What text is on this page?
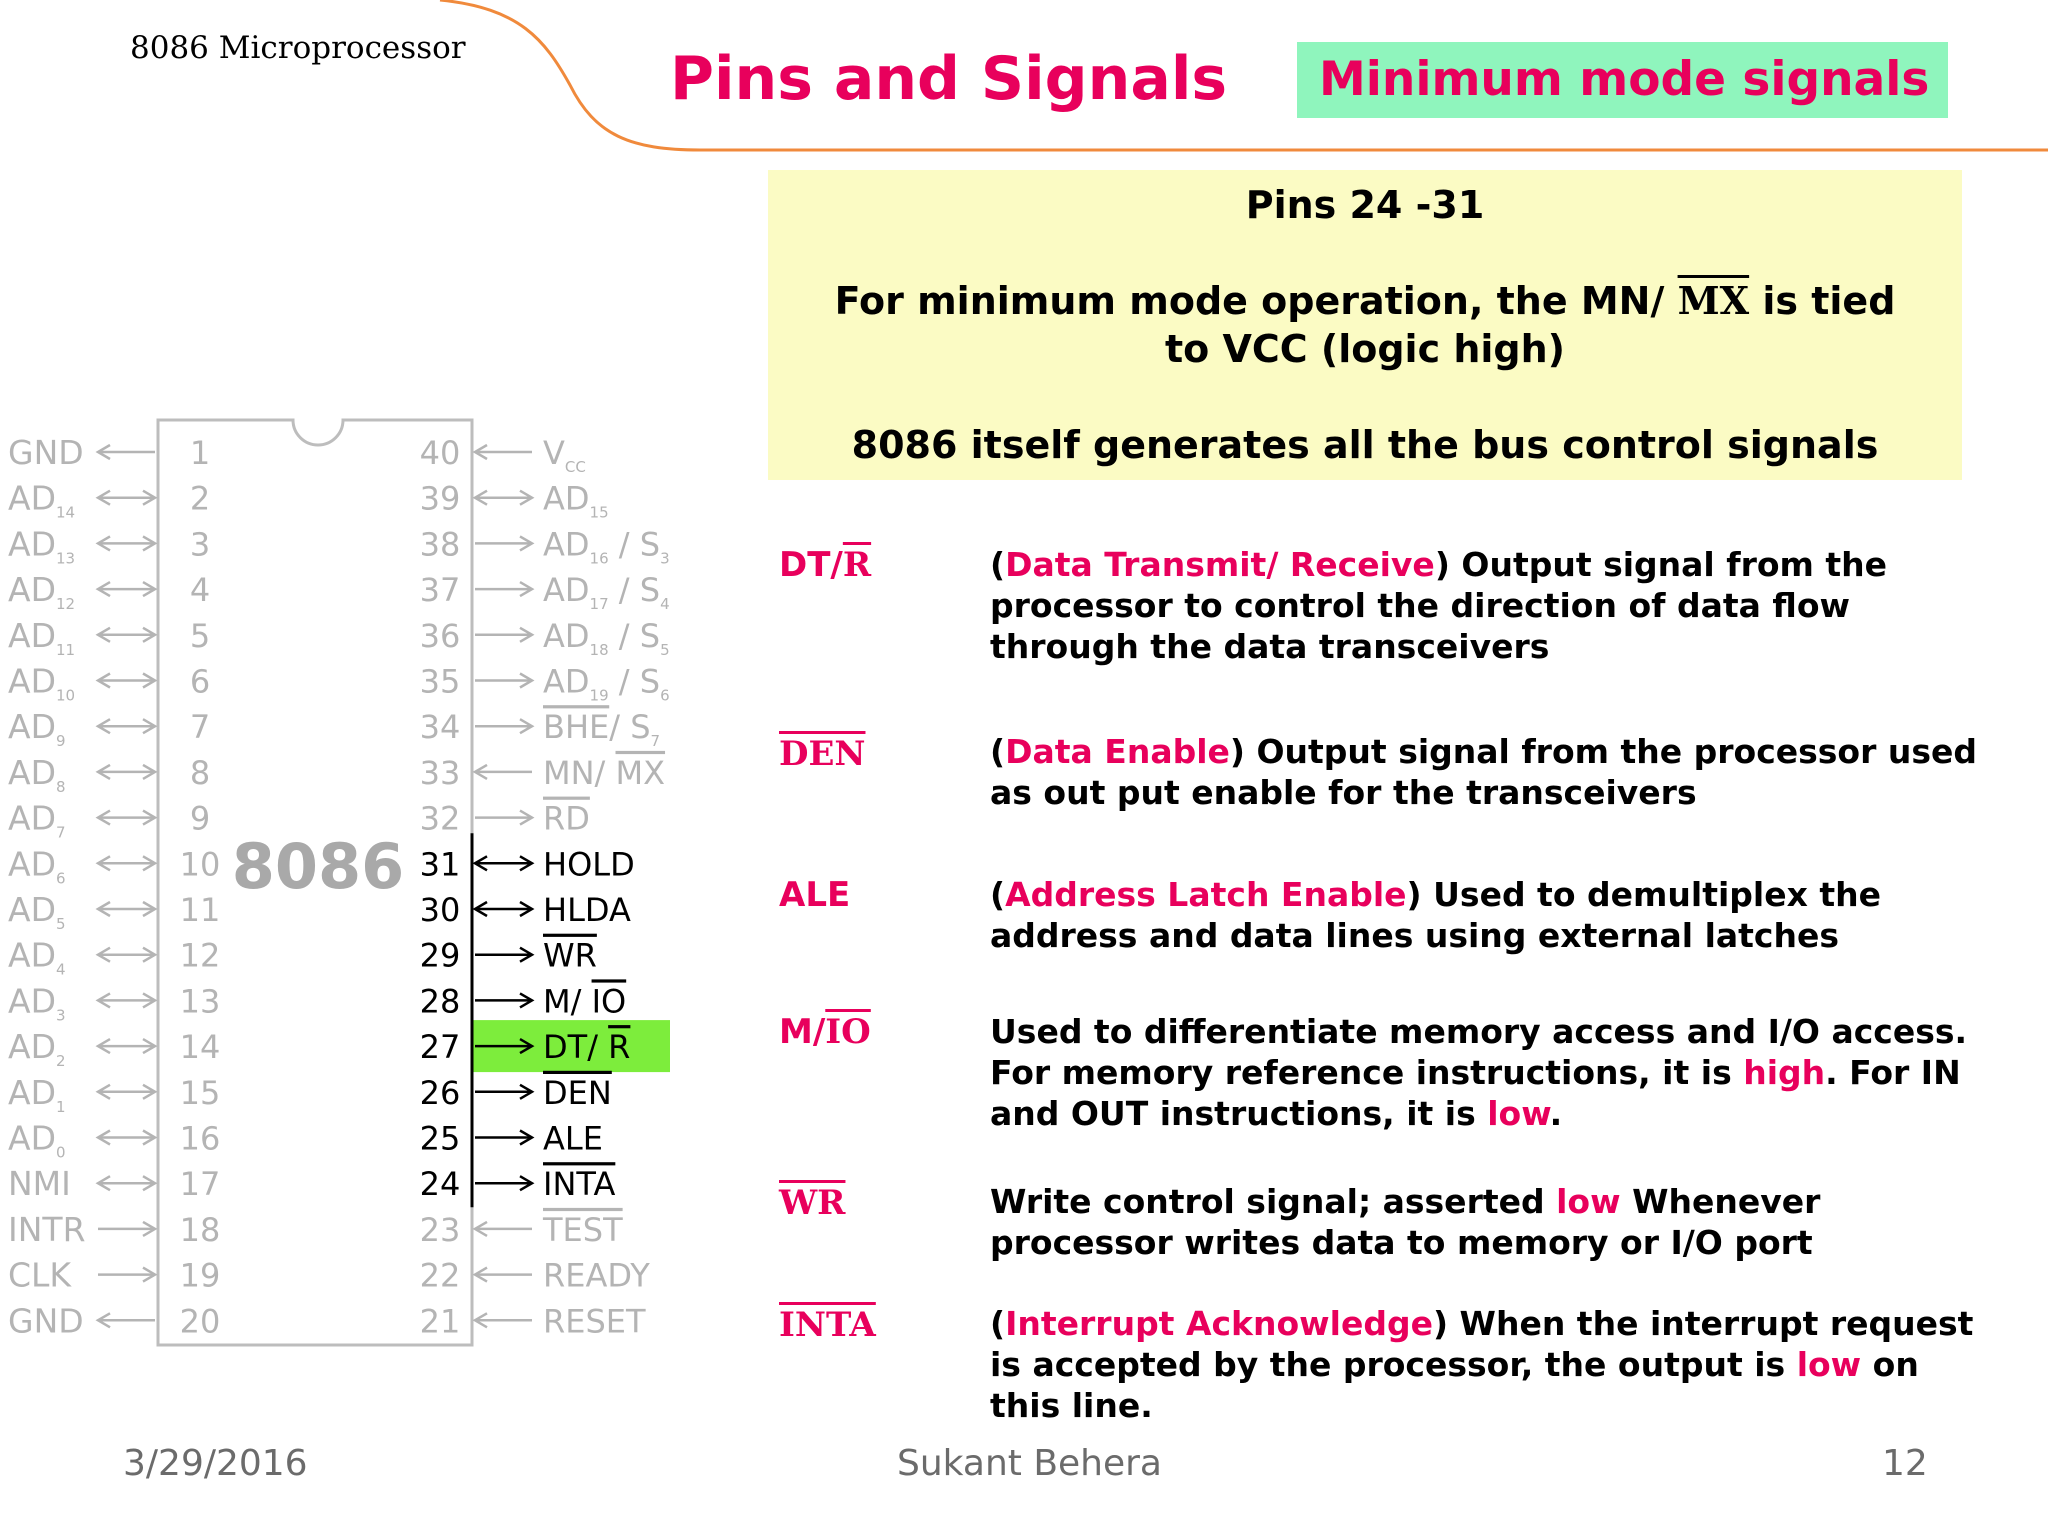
8086 Microprocessor	Pins and Signals Minimum mode signals
Pins 24 -31
For minimum mode operation, the MN/ $\overline{MX}$ is tied
to VCC (logic high)
8086 itself generates all the bus control signals
8086
GND	1
$AD_{14}$	2
$AD_{13}$	3
$AD_{12}$	4
$AD_{11}$	5
$AD_{10}$	6
$AD_9$	7
$AD_8$	8
$AD_7$	9
$AD_6$	10
$AD_5$	11
$AD_4$	12
$AD_3$	13
$AD_2$	14
$AD_1$	15
$AD_0$	16
NMI	17
INTR	18
CLK	19
GND	20
40	$V_{CC}$
39	$AD_{15}$
38	$AD_{16} / S_3$
37	$AD_{17} / S_4$
36	$AD_{18} / S_5$
35	$AD_{19} / S_6$
34	BHE/ $S_7$
33	MN/ MX
32	RD
31	HOLD
30	HLDA
29	WR
28	M/ IO
27	DT/ R
26	DEN
25	ALE
24	INTA
23	TEST
22	READY
21	RESET
$DT/\overline{R}$	(Data Transmit/ Receive) Output signal from the processor to control the direction of data flow through the data transceivers
$\overline{DEN}$	(Data Enable) Output signal from the processor used as out put enable for the transceivers
ALE	(Address Latch Enable) Used to demultiplex the address and data lines using external latches
$M/\overline{IO}$	Used to differentiate memory access and I/O access. For memory reference instructions, it is high. For IN and OUT instructions, it is low.
$\overline{WR}$	Write control signal; asserted low Whenever processor writes data to memory or I/O port
INTA	(Interrupt Acknowledge) When the interrupt request is accepted by the processor, the output is low on this line.
3/29/2016	Sukant Behera	12
